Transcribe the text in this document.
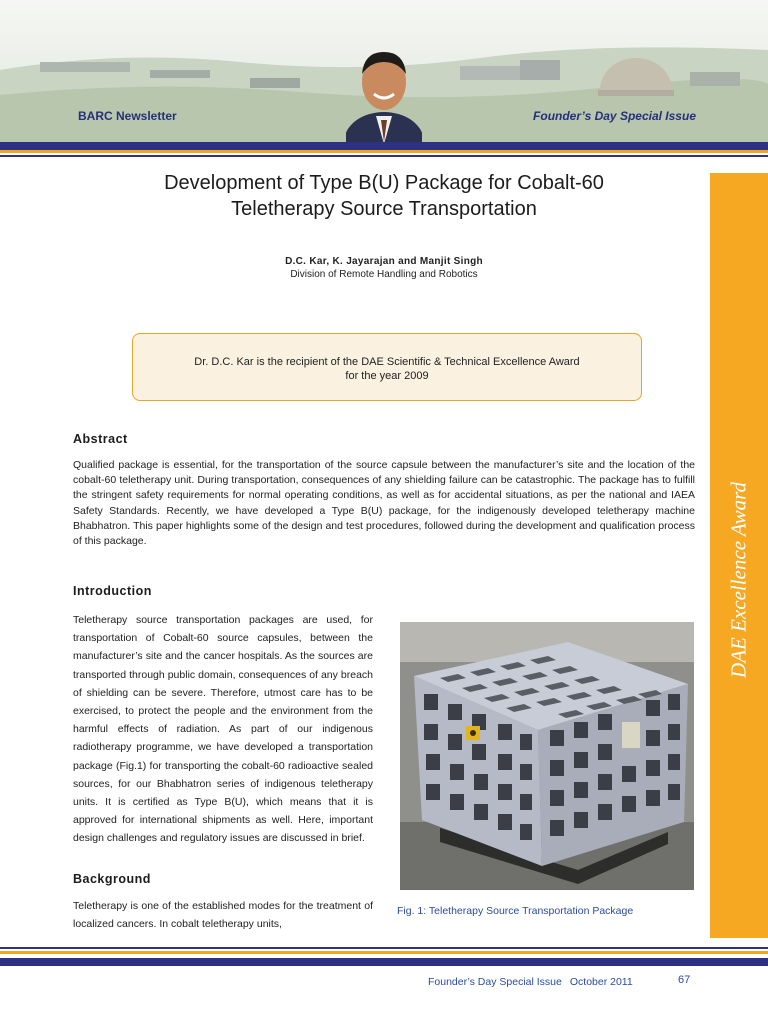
BARC Newsletter	Founder’s Day Special Issue
Development of Type B(U) Package for Cobalt-60
Teletherapy Source Transportation
D.C. Kar, K. Jayarajan and Manjit Singh
Division of Remote Handling and Robotics
Dr. D.C. Kar is the recipient of the DAE Scientific & Technical Excellence Award
for the year 2009
Abstract
Qualified package is essential, for the transportation of the source capsule between the manufacturer’s site and the location of the cobalt-60 teletherapy unit. During transportation, consequences of any shielding failure can be catastrophic. The package has to fulfill the stringent safety requirements for normal operating conditions, as well as for accidental situations, as per the national and IAEA Safety Standards. Recently, we have developed a Type B(U) package, for the indigenously developed teletherapy machine Bhabhatron. This paper highlights some of the design and test procedures, followed during the development and qualification process of this package.
Introduction
Teletherapy source transportation packages are used, for transportation of Cobalt-60 source capsules, between the manufacturer’s site and the cancer hospitals. As the sources are transported through public domain, consequences of any breach of shielding can be severe. Therefore, utmost care has to be exercised, to protect the people and the environment from the harmful effects of radiation. As part of our indigenous radiotherapy programme, we have developed a transportation package (Fig.1) for transporting the cobalt-60 radioactive sealed sources, for our Bhabhatron series of indigenous teletherapy units. It is certified as Type B(U), which means that it is approved for international shipments as well. Here, important design challenges and regulatory issues are discussed in brief.
Background
Teletherapy is one of the established modes for the treatment of localized cancers. In cobalt teletherapy units,
Fig. 1: Teletherapy Source Transportation Package
DAE Excellence Award
Founder’s Day Special Issue October 2011	67
